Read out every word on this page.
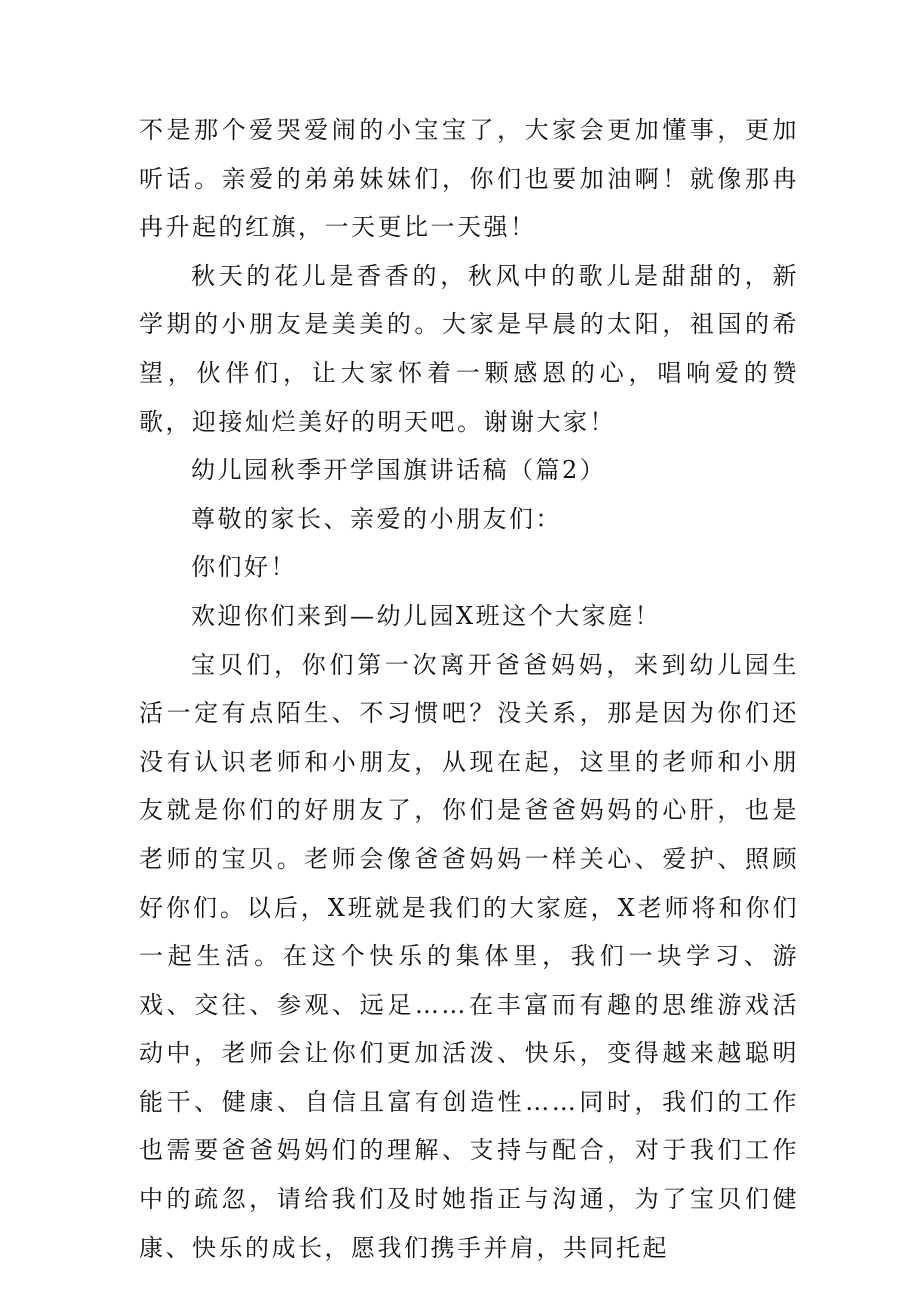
不是那个爱哭爱闹的小宝宝了，大家会更加懂事，更加听话。亲爱的弟弟妹妹们，你们也要加油啊！就像那冉冉升起的红旗，一天更比一天强！

秋天的花儿是香香的，秋风中的歌儿是甜甜的，新学期的小朋友是美美的。大家是早晨的太阳，祖国的希望，伙伴们，让大家怀着一颗感恩的心，唱响爱的赞歌，迎接灿烂美好的明天吧。谢谢大家！

幼儿园秋季开学国旗讲话稿（篇2）

尊敬的家长、亲爱的小朋友们：

你们好！

欢迎你们来到—幼儿园X班这个大家庭！

宝贝们，你们第一次离开爸爸妈妈，来到幼儿园生活一定有点陌生、不习惯吧？没关系，那是因为你们还没有认识老师和小朋友，从现在起，这里的老师和小朋友就是你们的好朋友了，你们是爸爸妈妈的心肝，也是老师的宝贝。老师会像爸爸妈妈一样关心、爱护、照顾好你们。以后，X班就是我们的大家庭，X老师将和你们一起生活。在这个快乐的集体里，我们一块学习、游戏、交往、参观、远足……在丰富而有趣的思维游戏活动中，老师会让你们更加活泼、快乐，变得越来越聪明能干、健康、自信且富有创造性……同时，我们的工作也需要爸爸妈妈们的理解、支持与配合，对于我们工作中的疏忽，请给我们及时她指正与沟通，为了宝贝们健康、快乐的成长，愿我们携手并肩，共同托起
